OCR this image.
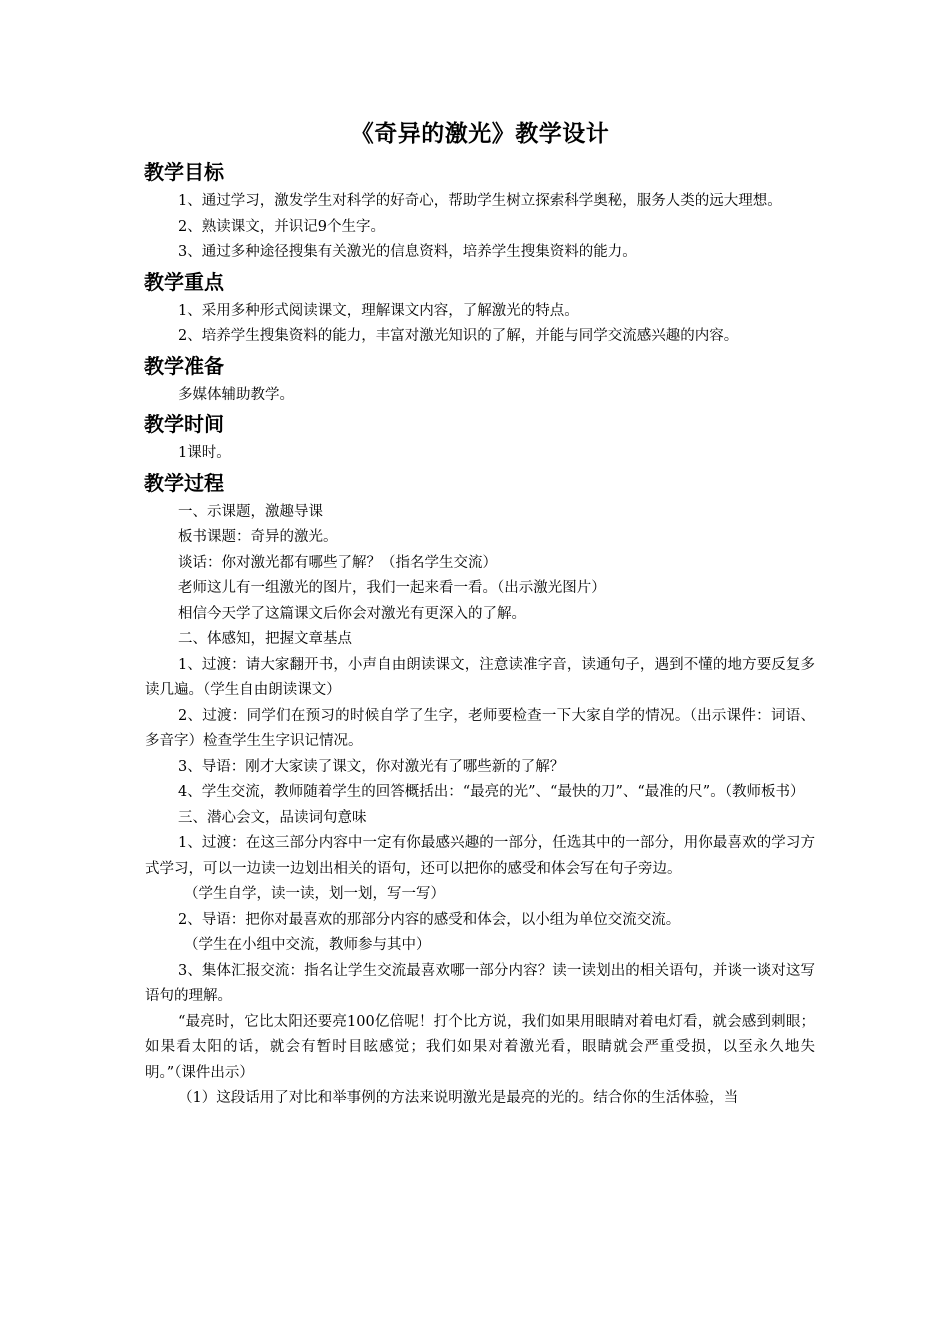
《奇异的激光》教学设计
教学目标

1、通过学习，激发学生对科学的好奇心，帮助学生树立探索科学奥秘，服务人类的远大理想。

2、熟读课文，并识记9个生字。

3、通过多种途径搜集有关激光的信息资料，培养学生搜集资料的能力。

教学重点

1、采用多种形式阅读课文，理解课文内容，了解激光的特点。

2、培养学生搜集资料的能力，丰富对激光知识的了解，并能与同学交流感兴趣的内容。

教学准备

多媒体辅助教学。

教学时间

1课时。

教学过程

一、示课题，激趣导课

板书课题：奇异的激光。

谈话：你对激光都有哪些了解？（指名学生交流）

老师这儿有一组激光的图片，我们一起来看一看。（出示激光图片）

相信今天学了这篇课文后你会对激光有更深入的了解。

二、体感知，把握文章基点

1、过渡：请大家翻开书，小声自由朗读课文，注意读准字音，读通句子，遇到不懂的地方要反复多读几遍。（学生自由朗读课文）

2、过渡：同学们在预习的时候自学了生字，老师要检查一下大家自学的情况。（出示课件：词语、多音字）检查学生生字识记情况。

3、导语：刚才大家读了课文，你对激光有了哪些新的了解？

4、学生交流，教师随着学生的回答概括出：“最亮的光”、“最快的刀”、“最准的尺”。（教师板书）

三、潜心会文，品读词句意味

1、过渡：在这三部分内容中一定有你最感兴趣的一部分，任选其中的一部分，用你最喜欢的学习方式学习，可以一边读一边划出相关的语句，还可以把你的感受和体会写在句子旁边。

（学生自学，读一读，划一划，写一写）

2、导语：把你对最喜欢的那部分内容的感受和体会，以小组为单位交流交流。

（学生在小组中交流，教师参与其中）

3、集体汇报交流：指名让学生交流最喜欢哪一部分内容？读一读划出的相关语句，并谈一谈对这写语句的理解。

“最亮时，它比太阳还要亮100亿倍呢！打个比方说，我们如果用眼睛对着电灯看，就会感到刺眼；如果看太阳的话，就会有暂时目眩感觉；我们如果对着激光看，眼睛就会严重受损，以至永久地失明。”（课件出示）

（1）这段话用了对比和举事例的方法来说明激光是最亮的光的。结合你的生活体验，当
